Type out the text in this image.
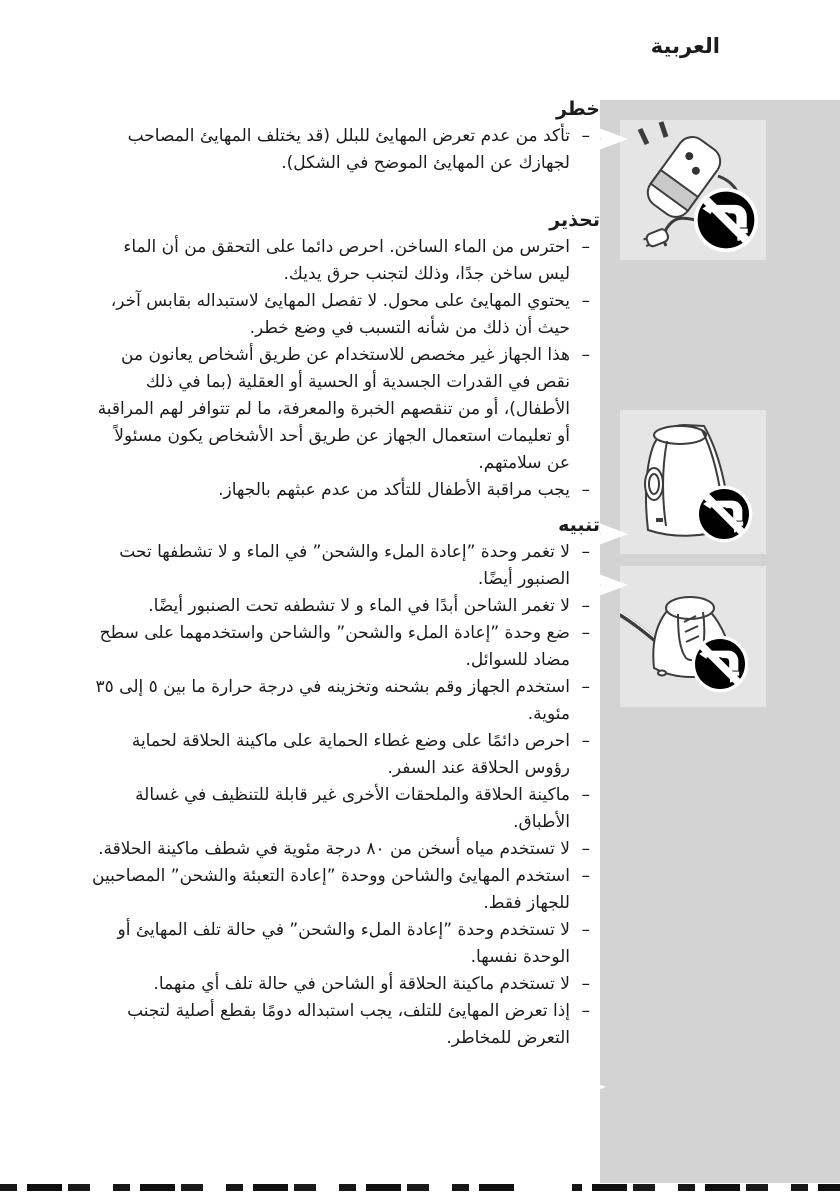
العربية
خطر
–
تأكد من عدم تعرض المهايئ للبلل (قد يختلف المهايئ المصاحب لجهازك عن المهايئ الموضح في الشكل).
تحذير
–
احترس من الماء الساخن. احرص دائما على التحقق من أن الماء ليس ساخن جدًا، وذلك لتجنب حرق يديك.
–
يحتوي المهايئ على محول. لا تفصل المهايئ لاستبداله بقابس آخر، حيث أن ذلك من شأنه التسبب في وضع خطر.
–
هذا الجهاز غير مخصص للاستخدام عن طريق أشخاص يعانون من نقص في القدرات الجسدية أو الحسية أو العقلية (بما في ذلك الأطفال)، أو من تنقصهم الخبرة والمعرفة، ما لم تتوافر لهم المراقبة أو تعليمات استعمال الجهاز عن طريق أحد الأشخاص يكون مسئولاً عن سلامتهم.
–
يجب مراقبة الأطفال للتأكد من عدم عبثهم بالجهاز.
تنبيه
–
لا تغمر وحدة ”إعادة الملء والشحن” في الماء و لا تشطفها تحت الصنبور أيضًا.
–
لا تغمر الشاحن أبدًا في الماء و لا تشطفه تحت الصنبور أيضًا.
–
ضع وحدة ”إعادة الملء والشحن” والشاحن واستخدمهما على سطح مضاد للسوائل.
–
استخدم الجهاز وقم بشحنه وتخزينه في درجة حرارة ما بين ٥ إلى ٣٥ مئوية.
–
احرص دائمًا على وضع غطاء الحماية على ماكينة الحلاقة لحماية رؤوس الحلاقة عند السفر.
–
ماكينة الحلاقة والملحقات الأخرى غير قابلة للتنظيف في غسالة الأطباق.
–
لا تستخدم مياه أسخن من ٨٠ درجة مئوية في شطف ماكينة الحلاقة.
–
استخدم المهايئ والشاحن ووحدة ”إعادة التعبئة والشحن” المصاحبين للجهاز فقط.
–
لا تستخدم وحدة ”إعادة الملء والشحن” في حالة تلف المهايئ أو الوحدة نفسها.
–
لا تستخدم ماكينة الحلاقة أو الشاحن في حالة تلف أي منهما.
–
إذا تعرض المهايئ للتلف، يجب استبداله دومًا بقطع أصلية لتجنب التعرض للمخاطر.
